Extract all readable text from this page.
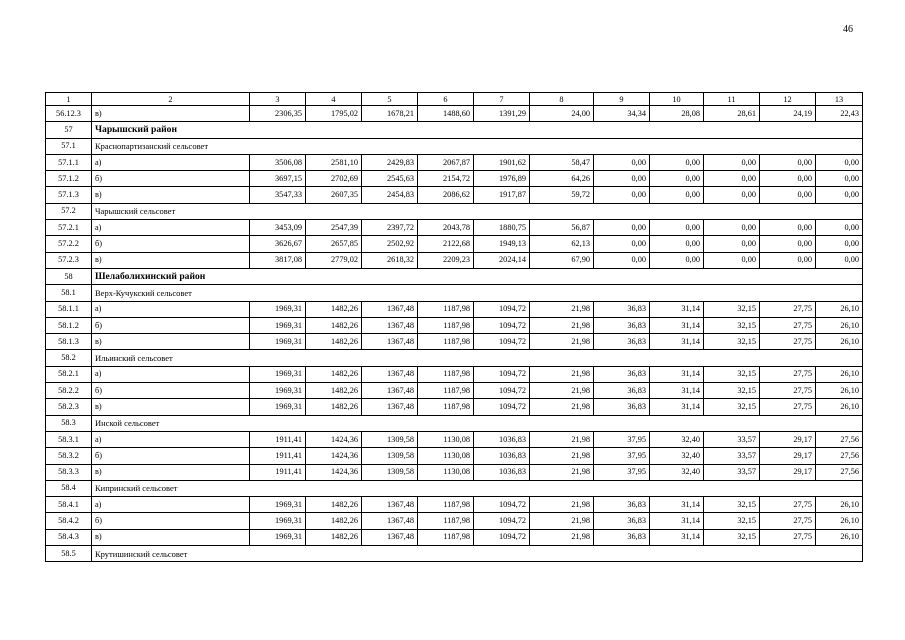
46
1	2	3	4	5	6	7	8	9	10	11	12	13
56.12.3	в)	2306,35	1795,02	1678,21	1488,60	1391,29	24,00	34,34	28,08	28,61	24,19	22,43
57	Чарышский район											
57.1	Краснопартизанский сельсовет											
57.1.1	а)	3506,08	2581,10	2429,83	2067,87	1901,62	58,47	0,00	0,00	0,00	0,00	0,00
57.1.2	б)	3697,15	2702,69	2545,63	2154,72	1976,89	64,26	0,00	0,00	0,00	0,00	0,00
57.1.3	в)	3547,33	2607,35	2454,83	2086,62	1917,87	59,72	0,00	0,00	0,00	0,00	0,00
57.2	Чарышский сельсовет											
57.2.1	а)	3453,09	2547,39	2397,72	2043,78	1880,75	56,87	0,00	0,00	0,00	0,00	0,00
57.2.2	б)	3626,67	2657,85	2502,92	2122,68	1949,13	62,13	0,00	0,00	0,00	0,00	0,00
57.2.3	в)	3817,08	2779,02	2618,32	2209,23	2024,14	67,90	0,00	0,00	0,00	0,00	0,00
58	Шелаболихинский район											
58.1	Верх-Кучукский сельсовет											
58.1.1	а)	1969,31	1482,26	1367,48	1187,98	1094,72	21,98	36,83	31,14	32,15	27,75	26,10
58.1.2	б)	1969,31	1482,26	1367,48	1187,98	1094,72	21,98	36,83	31,14	32,15	27,75	26,10
58.1.3	в)	1969,31	1482,26	1367,48	1187,98	1094,72	21,98	36,83	31,14	32,15	27,75	26,10
58.2	Ильинский сельсовет											
58.2.1	а)	1969,31	1482,26	1367,48	1187,98	1094,72	21,98	36,83	31,14	32,15	27,75	26,10
58.2.2	б)	1969,31	1482,26	1367,48	1187,98	1094,72	21,98	36,83	31,14	32,15	27,75	26,10
58.2.3	в)	1969,31	1482,26	1367,48	1187,98	1094,72	21,98	36,83	31,14	32,15	27,75	26,10
58.3	Инской сельсовет											
58.3.1	а)	1911,41	1424,36	1309,58	1130,08	1036,83	21,98	37,95	32,40	33,57	29,17	27,56
58.3.2	б)	1911,41	1424,36	1309,58	1130,08	1036,83	21,98	37,95	32,40	33,57	29,17	27,56
58.3.3	в)	1911,41	1424,36	1309,58	1130,08	1036,83	21,98	37,95	32,40	33,57	29,17	27,56
58.4	Кипринский сельсовет											
58.4.1	а)	1969,31	1482,26	1367,48	1187,98	1094,72	21,98	36,83	31,14	32,15	27,75	26,10
58.4.2	б)	1969,31	1482,26	1367,48	1187,98	1094,72	21,98	36,83	31,14	32,15	27,75	26,10
58.4.3	в)	1969,31	1482,26	1367,48	1187,98	1094,72	21,98	36,83	31,14	32,15	27,75	26,10
58.5	Крутишинский сельсовет											
